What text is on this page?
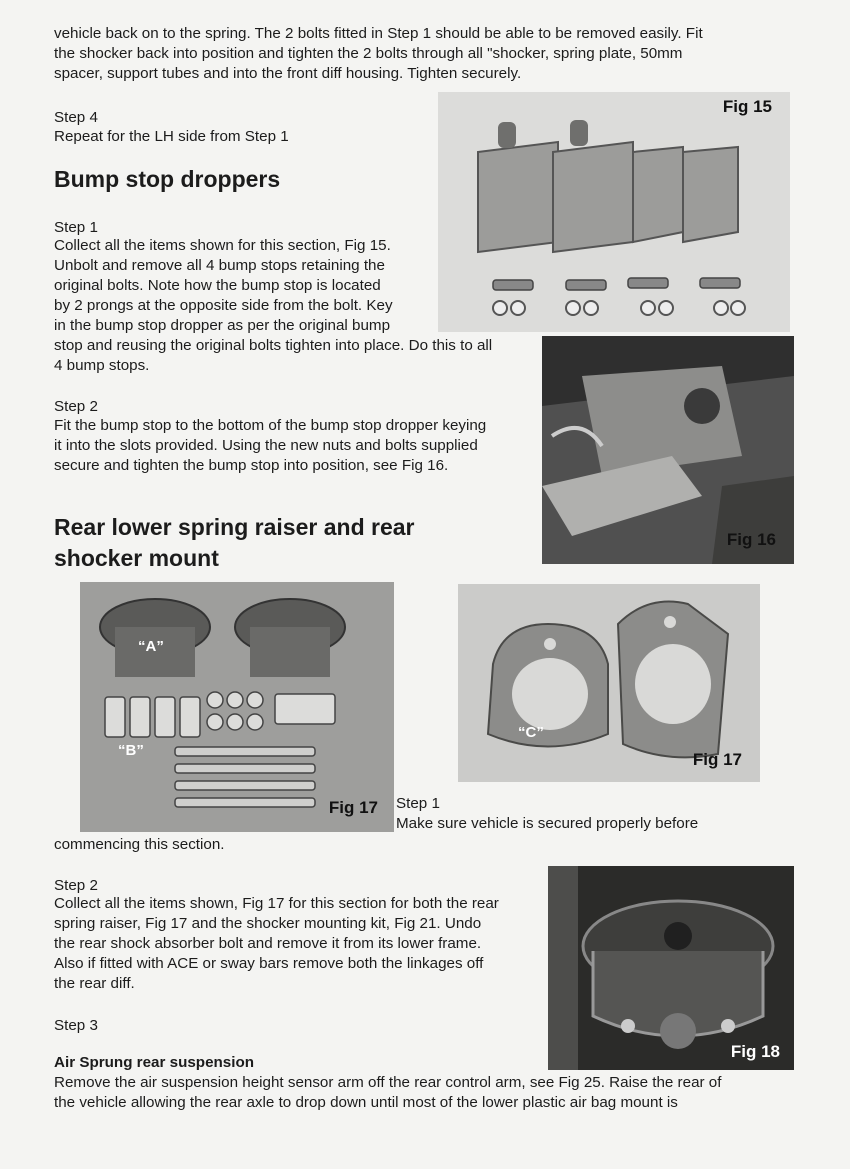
vehicle back on to the spring. The 2 bolts fitted in Step 1 should be able to be removed easily. Fit

the shocker back into position and tighten the 2 bolts through all "shocker, spring plate, 50mm

spacer, support tubes and into the front diff housing. Tighten securely.

Step 4

Repeat for the LH side from Step 1

Bump stop droppers

Step 1

Collect all the items shown for this section, Fig 15.

Unbolt and remove all 4 bump stops retaining the

original bolts. Note how the bump stop is located

by 2 prongs at the opposite side from the bolt. Key

in the bump stop dropper as per the original bump

stop and reusing the original bolts tighten into place. Do this to all

4 bump stops.

Step 2

Fit the bump stop to the bottom of the bump stop dropper keying

it into the slots provided. Using the new nuts and bolts supplied

secure and tighten the bump stop into position, see Fig 16.

Rear lower spring raiser and rear
shocker mount
Fig 15
Fig 16
“A”
“B”
Fig 17
“C”
Fig 17

Step 1

Make sure vehicle is secured properly before

commencing this section.

Step 2

Collect all the items shown, Fig 17 for this section for both the rear

spring raiser, Fig 17 and the shocker mounting kit, Fig 21. Undo

the rear shock absorber bolt and remove it from its lower frame.

Also if fitted with ACE or sway bars remove both the linkages off

the rear diff.

Step 3

Air Sprung rear suspension

Remove the air suspension height sensor arm off the rear control arm, see Fig 25. Raise the rear of

the vehicle allowing the rear axle to drop down until most of the lower plastic air bag mount is

Fig 18
